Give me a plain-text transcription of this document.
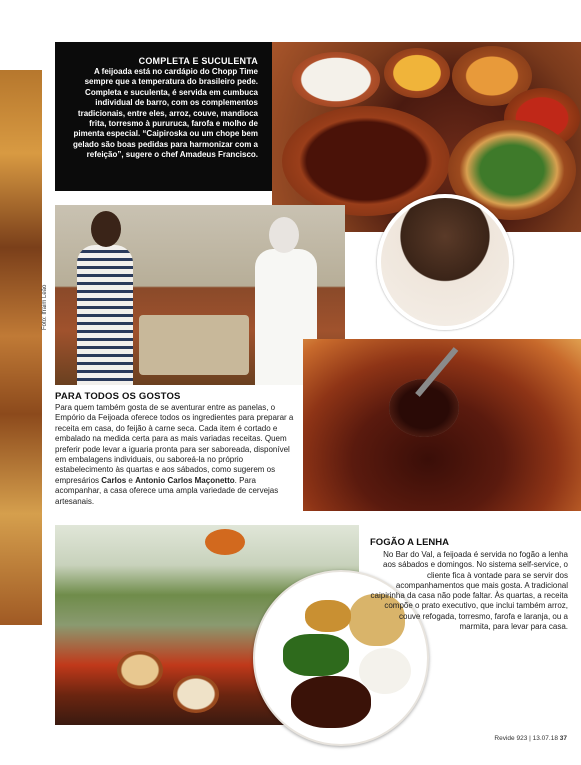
COMPLETA E SUCULENTA
A feijoada está no cardápio do Chopp Time sempre que a temperatura do brasileiro pede. Completa e suculenta, é servida em cumbuca individual de barro, com os complementos tradicionais, entre eles, arroz, couve, mandioca frita, torresmo à pururuca, farofa e molho de pimenta especial. “Caipiroska ou um chope bem gelado são boas pedidas para harmonizar com a refeição”, sugere o chef Amadeus Francisco.
Foto: Ifraim Leão
PARA TODOS OS GOSTOS
Para quem também gosta de se aventurar entre as panelas, o Empório da Feijoada oferece todos os ingredientes para preparar a receita em casa, do feijão à carne seca. Cada item é cortado e embalado na medida certa para as mais variadas receitas. Quem preferir pode levar a iguaria pronta para ser saboreada, disponível em embalagens individuais, ou saboreá-la no próprio estabelecimento às quartas e aos sábados, como sugerem os empresários Carlos e Antonio Carlos Maçonetto. Para acompanhar, a casa oferece uma ampla variedade de cervejas artesanais.
FOGÃO A LENHA
No Bar do Val, a feijoada é servida no fogão a lenha aos sábados e domingos. No sistema self-service, o cliente fica à vontade para se servir dos acompanhamentos que mais gosta. A tradicional caipirinha da casa não pode faltar. Às quartas, a receita compõe o prato executivo, que inclui também arroz, couve refogada, torresmo, farofa e laranja, ou a marmita, para levar para casa.
Revide 923 | 13.07.18 37
